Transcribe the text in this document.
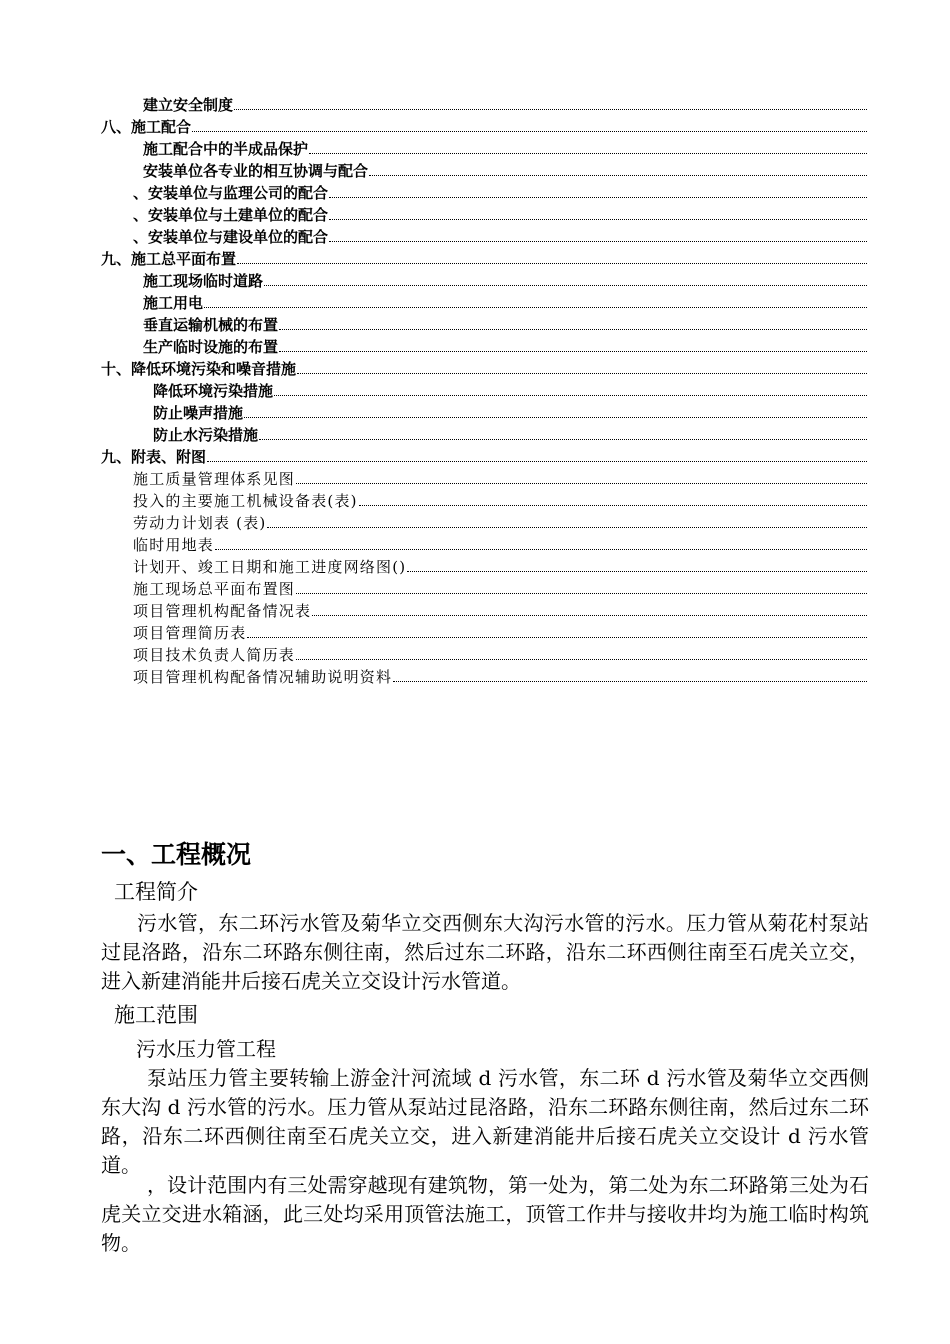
建立安全制度
八、施工配合
施工配合中的半成品保护
安装单位各专业的相互协调与配合
、安装单位与监理公司的配合
、安装单位与土建单位的配合
、安装单位与建设单位的配合
九、施工总平面布置
施工现场临时道路
施工用电
垂直运输机械的布置
生产临时设施的布置
十、降低环境污染和噪音措施
降低环境污染措施
防止噪声措施
防止水污染措施
九、附表、附图
施工质量管理体系见图
投入的主要施工机械设备表(表)
劳动力计划表 (表)
临时用地表
计划开、竣工日期和施工进度网络图()
施工现场总平面布置图
项目管理机构配备情况表
项目管理简历表
项目技术负责人简历表
项目管理机构配备情况辅助说明资料
一、工程概况
工程简介

污水管，东二环污水管及菊华立交西侧东大沟污水管的污水。压力管从菊花村泵站过昆洛路，沿东二环路东侧往南，然后过东二环路，沿东二环西侧往南至石虎关立交，进入新建消能井后接石虎关立交设计污水管道。

施工范围
污水压力管工程

泵站压力管主要转输上游金汁河流域 d 污水管，东二环 d 污水管及菊华立交西侧东大沟 d 污水管的污水。压力管从泵站过昆洛路，沿东二环路东侧往南，然后过东二环路，沿东二环西侧往南至石虎关立交，进入新建消能井后接石虎关立交设计 d 污水管道。

，设计范围内有三处需穿越现有建筑物，第一处为，第二处为东二环路第三处为石虎关立交进水箱涵，此三处均采用顶管法施工，顶管工作井与接收井均为施工临时构筑物。
